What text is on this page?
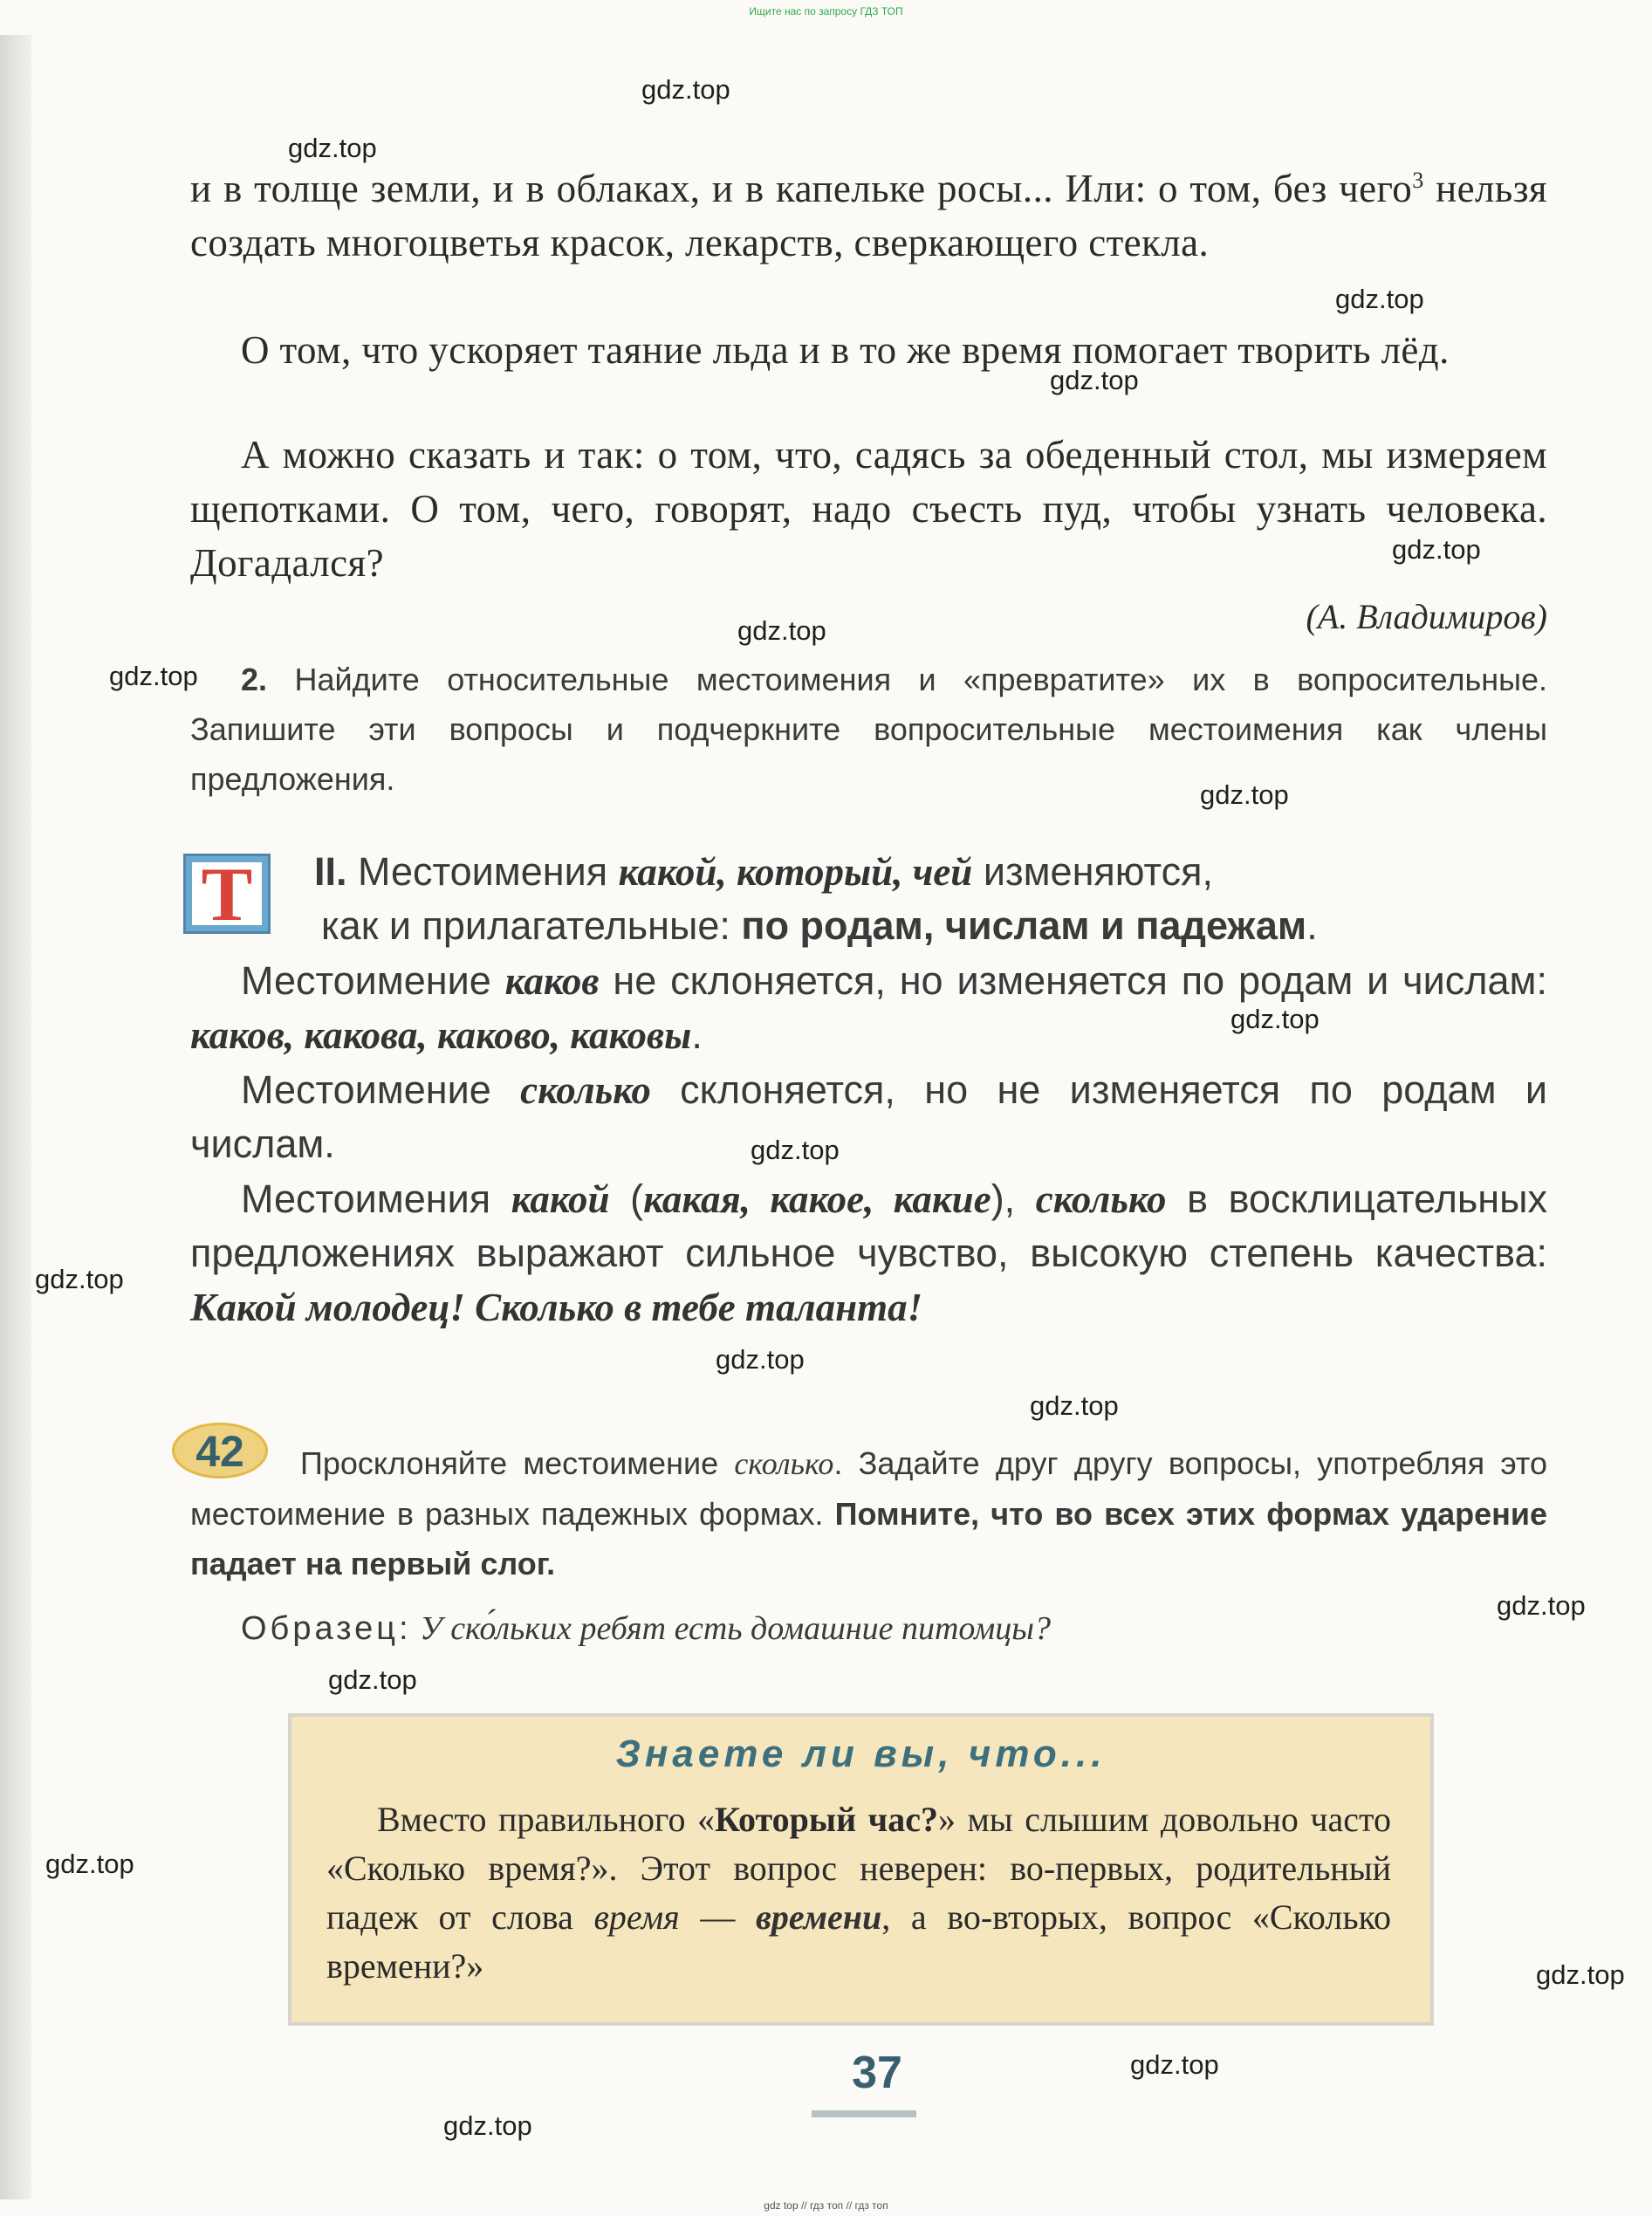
Ищите нас по запросу ГДЗ ТОП
и в толще земли, и в облаках, и в капельке росы... Или: о том, без чего$^3$ нельзя создать многоцветья красок, лекарств, сверкающего стекла.
О том, что ускоряет таяние льда и в то же время помогает творить лёд.
А можно сказать и так: о том, что, садясь за обеденный стол, мы измеряем щепотками. О том, чего, говорят, надо съесть пуд, чтобы узнать человека. Догадался?
(А. Владимиров)
2. Найдите относительные местоимения и «превратите» их в вопросительные. Запишите эти вопросы и подчеркните вопросительные местоимения как члены предложения.
Т	II. Местоимения какой, который, чей изменяются,
как и прилагательные: по родам, числам и падежам.
Местоимение каков не склоняется, но изменяется по родам и числам: каков, какова, каково, каковы.
Местоимение сколько склоняется, но не изменяется по родам и числам.
Местоимения какой (какая, какое, какие), сколько в восклицательных предложениях выражают сильное чувство, высокую степень качества: Какой молодец! Сколько в тебе таланта!
42	Просклоняйте местоимение сколько. Задайте друг другу вопросы, употребляя это местоимение в разных падежных формах. Помните, что во всех этих формах ударение падает на первый слог.
Образец: У ско́льких ребят есть домашние питомцы?
Знаете ли вы, что...
Вместо правильного «Который час?» мы слышим довольно часто «Сколько время?». Этот вопрос неверен: во-первых, родительный падеж от слова время — времени, а во-вторых, вопрос «Сколько времени?»
37
gdz.top
gdz.top
gdz.top
gdz.top
gdz.top
gdz.top
gdz.top
gdz.top
gdz.top
gdz.top
gdz.top
gdz.top
gdz.top
gdz.top
gdz.top
gdz.top
gdz.top
gdz.top
gdz.top
gdz top // гдз топ // гдз топ
